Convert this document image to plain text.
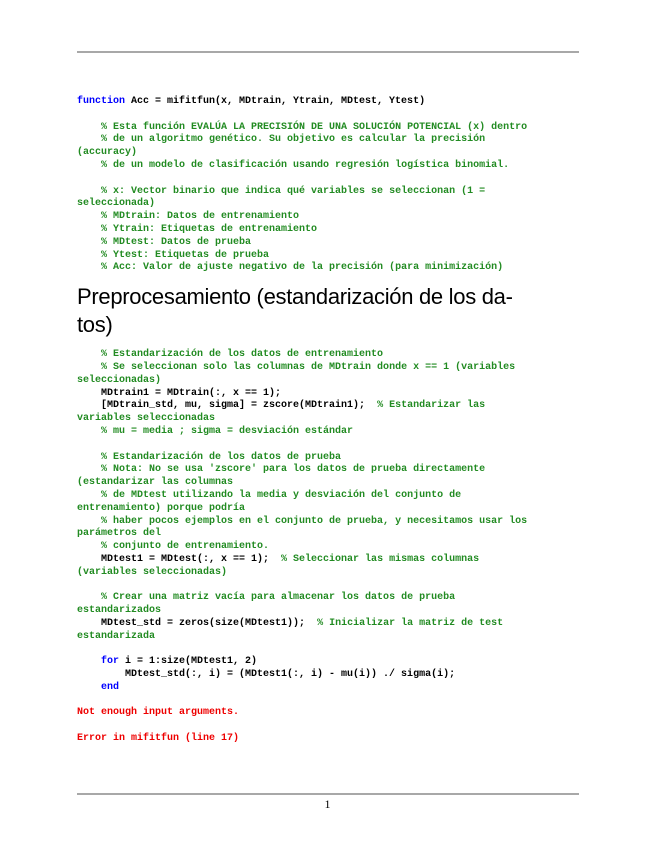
function Acc = mifitfun(x, MDtrain, Ytrain, MDtest, Ytest)
% Esta función EVALÚA LA PRECISIÓN DE UNA SOLUCIÓN POTENCIAL (x) dentro
% de un algoritmo genético. Su objetivo es calcular la precisión
(accuracy)
% de un modelo de clasificación usando regresión logística binomial.
% x: Vector binario que indica qué variables se seleccionan (1 =
seleccionada)
% MDtrain: Datos de entrenamiento
% Ytrain: Etiquetas de entrenamiento
% MDtest: Datos de prueba
% Ytest: Etiquetas de prueba
% Acc: Valor de ajuste negativo de la precisión (para minimización)
Preprocesamiento (estandarización de los da-
tos)
% Estandarización de los datos de entrenamiento
% Se seleccionan solo las columnas de MDtrain donde x == 1 (variables
seleccionadas)
MDtrain1 = MDtrain(:, x == 1);
[MDtrain_std, mu, sigma] = zscore(MDtrain1);  % Estandarizar las
variables seleccionadas
% mu = media ; sigma = desviación estándar
% Estandarización de los datos de prueba
% Nota: No se usa 'zscore' para los datos de prueba directamente
(estandarizar las columnas
% de MDtest utilizando la media y desviación del conjunto de
entrenamiento) porque podría
% haber pocos ejemplos en el conjunto de prueba, y necesitamos usar los
parámetros del
% conjunto de entrenamiento.
MDtest1 = MDtest(:, x == 1);  % Seleccionar las mismas columnas
(variables seleccionadas)
% Crear una matriz vacía para almacenar los datos de prueba
estandarizados
MDtest_std = zeros(size(MDtest1));  % Inicializar la matriz de test
estandarizada
for i = 1:size(MDtest1, 2)
MDtest_std(:, i) = (MDtest1(:, i) - mu(i)) ./ sigma(i);
end
Not enough input arguments.
Error in mifitfun (line 17)
1
